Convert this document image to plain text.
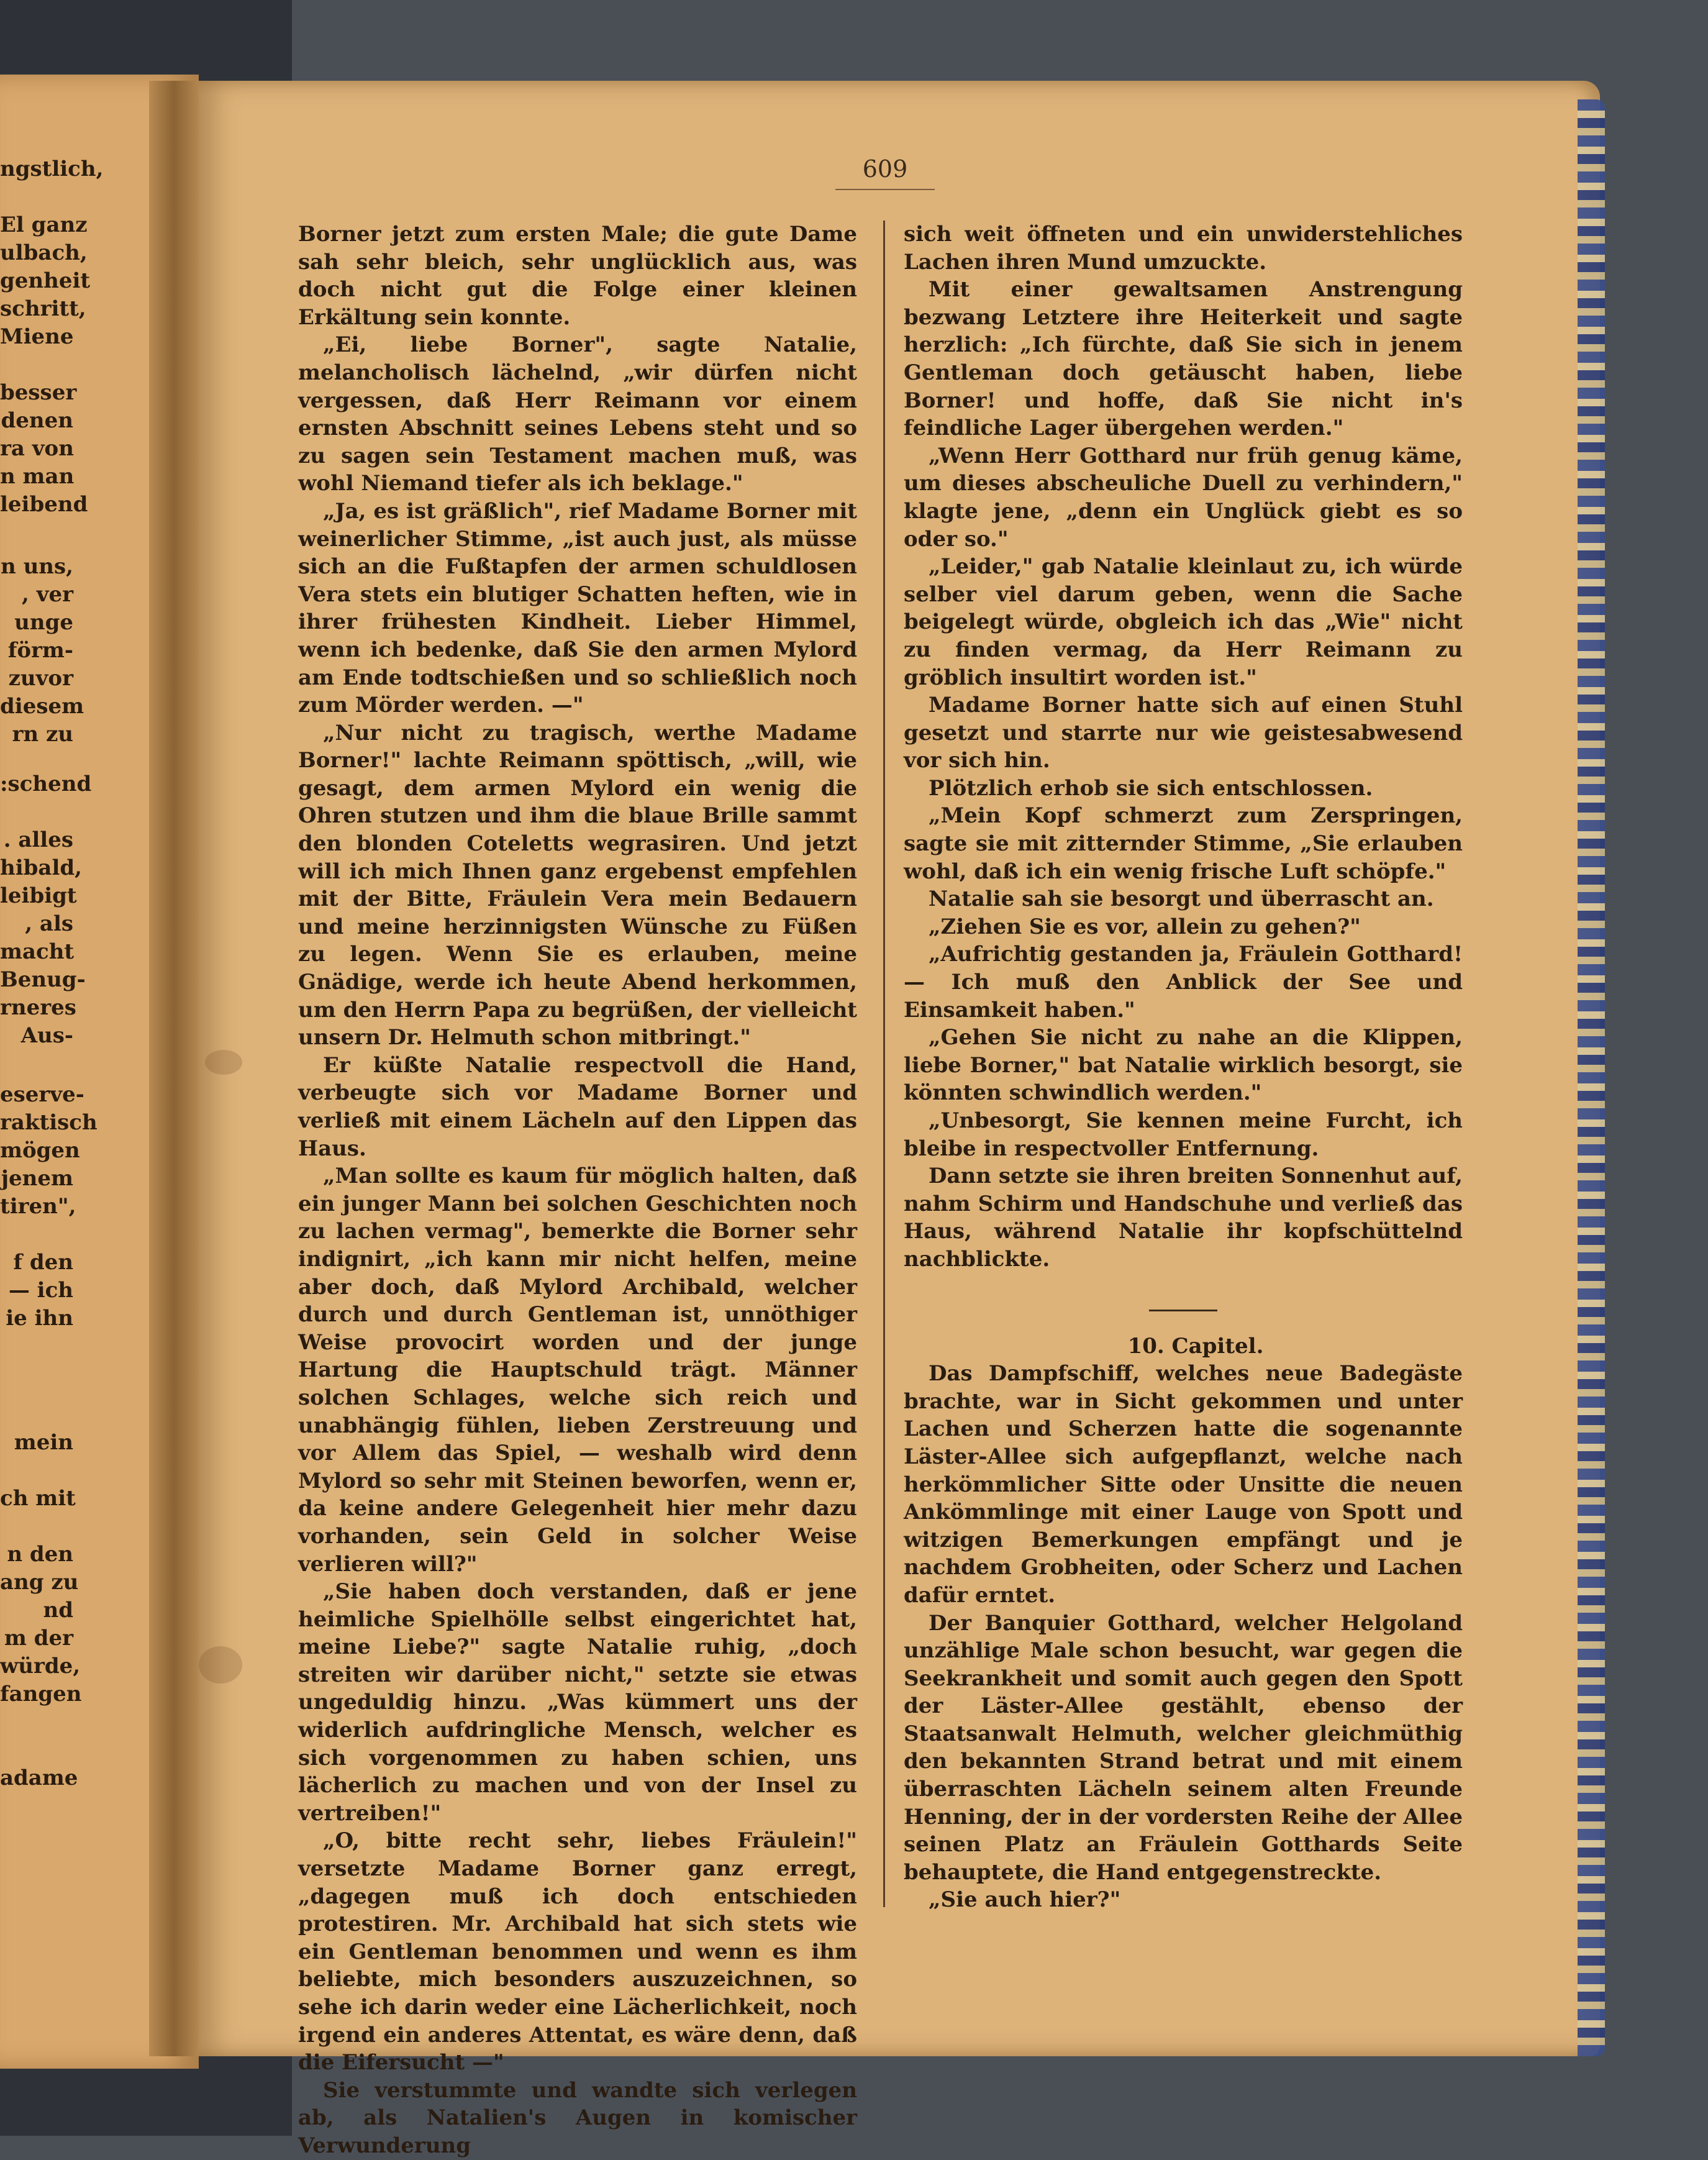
ngstlich,
El ganz
ulbach,
genheit
schritt,
Miene
besser
denen
ra von
n man
leibend
n uns,
, ver
unge
förm-
zuvor
diesem
rn zu
:schend
. alles
hibald,
leibigt
, als
macht
Benug-
rneres
Aus-
eserve-
raktisch
mögen
jenem
tiren",
f den
— ich
ie ihn
mein
ch mit
n den
ang zu
nd
m der
würde,
fangen
adame
609

Borner jetzt zum ersten Male; die gute Dame sah sehr bleich, sehr unglücklich aus, was doch nicht gut die Folge einer kleinen Erkältung sein konnte.

„Ei, liebe Borner", sagte Natalie, melancholisch lächelnd, „wir dürfen nicht vergessen, daß Herr Reimann vor einem ernsten Abschnitt seines Lebens steht und so zu sagen sein Testament machen muß, was wohl Niemand tiefer als ich beklage."

„Ja, es ist gräßlich", rief Madame Borner mit weinerlicher Stimme, „ist auch just, als müsse sich an die Fußtapfen der armen schuldlosen Vera stets ein blutiger Schatten heften, wie in ihrer frühesten Kindheit. Lieber Himmel, wenn ich bedenke, daß Sie den armen Mylord am Ende todtschießen und so schließlich noch zum Mörder werden. —"

„Nur nicht zu tragisch, werthe Madame Borner!" lachte Reimann spöttisch, „will, wie gesagt, dem armen Mylord ein wenig die Ohren stutzen und ihm die blaue Brille sammt den blonden Coteletts wegrasiren. Und jetzt will ich mich Ihnen ganz ergebenst empfehlen mit der Bitte, Fräulein Vera mein Bedauern und meine herzinnigsten Wünsche zu Füßen zu legen. Wenn Sie es erlauben, meine Gnädige, werde ich heute Abend herkommen, um den Herrn Papa zu begrüßen, der vielleicht unsern Dr. Helmuth schon mitbringt."

Er küßte Natalie respectvoll die Hand, verbeugte sich vor Madame Borner und verließ mit einem Lächeln auf den Lippen das Haus.

„Man sollte es kaum für möglich halten, daß ein junger Mann bei solchen Geschichten noch zu lachen vermag", bemerkte die Borner sehr indignirt, „ich kann mir nicht helfen, meine aber doch, daß Mylord Archibald, welcher durch und durch Gentleman ist, unnöthiger Weise provocirt worden und der junge Hartung die Hauptschuld trägt. Männer solchen Schlages, welche sich reich und unabhängig fühlen, lieben Zerstreuung und vor Allem das Spiel, — weshalb wird denn Mylord so sehr mit Steinen beworfen, wenn er, da keine andere Gelegenheit hier mehr dazu vorhanden, sein Geld in solcher Weise verlieren will?"

„Sie haben doch verstanden, daß er jene heimliche Spielhölle selbst eingerichtet hat, meine Liebe?" sagte Natalie ruhig, „doch streiten wir darüber nicht," setzte sie etwas ungeduldig hinzu. „Was kümmert uns der widerlich aufdringliche Mensch, welcher es sich vorgenommen zu haben schien, uns lächerlich zu machen und von der Insel zu vertreiben!"

„O, bitte recht sehr, liebes Fräulein!" versetzte Madame Borner ganz erregt, „dagegen muß ich doch entschieden protestiren. Mr. Archibald hat sich stets wie ein Gentleman benommen und wenn es ihm beliebte, mich besonders auszuzeichnen, so sehe ich darin weder eine Lächerlichkeit, noch irgend ein anderes Attentat, es wäre denn, daß die Eifersucht —"

Sie verstummte und wandte sich verlegen ab, als Natalien's Augen in komischer Verwunderung

sich weit öffneten und ein unwiderstehliches Lachen ihren Mund umzuckte.

Mit einer gewaltsamen Anstrengung bezwang Letztere ihre Heiterkeit und sagte herzlich: „Ich fürchte, daß Sie sich in jenem Gentleman doch getäuscht haben, liebe Borner! und hoffe, daß Sie nicht in's feindliche Lager übergehen werden."

„Wenn Herr Gotthard nur früh genug käme, um dieses abscheuliche Duell zu verhindern," klagte jene, „denn ein Unglück giebt es so oder so."

„Leider," gab Natalie kleinlaut zu, ich würde selber viel darum geben, wenn die Sache beigelegt würde, obgleich ich das „Wie" nicht zu finden vermag, da Herr Reimann zu gröblich insultirt worden ist."

Madame Borner hatte sich auf einen Stuhl gesetzt und starrte nur wie geistesabwesend vor sich hin.

Plötzlich erhob sie sich entschlossen.

„Mein Kopf schmerzt zum Zerspringen, sagte sie mit zitternder Stimme, „Sie erlauben wohl, daß ich ein wenig frische Luft schöpfe."

Natalie sah sie besorgt und überrascht an.

„Ziehen Sie es vor, allein zu gehen?"

„Aufrichtig gestanden ja, Fräulein Gotthard! — Ich muß den Anblick der See und Einsamkeit haben."

„Gehen Sie nicht zu nahe an die Klippen, liebe Borner," bat Natalie wirklich besorgt, sie könnten schwindlich werden."

„Unbesorgt, Sie kennen meine Furcht, ich bleibe in respectvoller Entfernung.

Dann setzte sie ihren breiten Sonnenhut auf, nahm Schirm und Handschuhe und verließ das Haus, während Natalie ihr kopfschüttelnd nachblickte.

10. Capitel.

Das Dampfschiff, welches neue Badegäste brachte, war in Sicht gekommen und unter Lachen und Scherzen hatte die sogenannte Läster-Allee sich aufgepflanzt, welche nach herkömmlicher Sitte oder Unsitte die neuen Ankömmlinge mit einer Lauge von Spott und witzigen Bemerkungen empfängt und je nachdem Grobheiten, oder Scherz und Lachen dafür erntet.

Der Banquier Gotthard, welcher Helgoland unzählige Male schon besucht, war gegen die Seekrankheit und somit auch gegen den Spott der Läster-Allee gestählt, ebenso der Staatsanwalt Helmuth, welcher gleichmüthig den bekannten Strand betrat und mit einem überraschten Lächeln seinem alten Freunde Henning, der in der vordersten Reihe der Allee seinen Platz an Fräulein Gotthards Seite behauptete, die Hand entgegenstreckte.

„Sie auch hier?"
